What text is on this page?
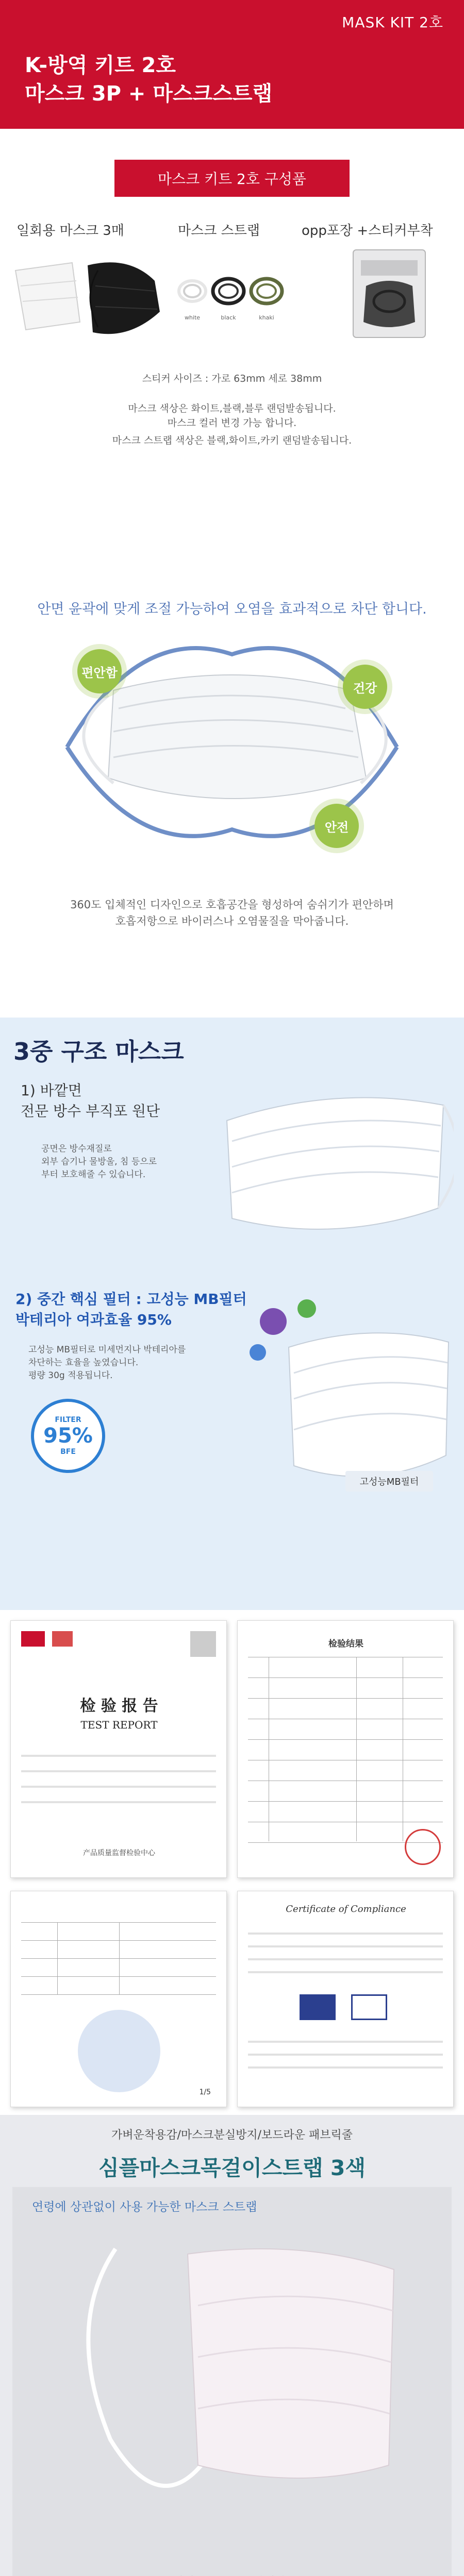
MASK KIT 2호
K-방역 키트 2호
마스크 3P + 마스크스트랩
마스크 키트 2호 구성품
일회용 마스크 3매	마스크 스트랩	opp포장 +스티커부착
white	black	khaki
스티커 사이즈 : 가로 63mm 세로 38mm
마스크 색상은 화이트,블랙,블루 랜덤발송됩니다.
마스크 컬러 변경 가능 합니다.
마스크 스트랩 색상은 블랙,화이트,카키 랜덤발송됩니다.
안면 윤곽에 맞게 조절 가능하여 오염을 효과적으로 차단 합니다.
편안함
건강
안전
360도 입체적인 디자인으로 호흡공간을 형성하여 숨쉬기가 편안하며
호흡저항으로 바이러스나 오염물질을 막아줍니다.
3중 구조 마스크
1) 바깥면
전문 방수 부직포 원단
공면은 방수재질로
외부 습기나 물방울, 침 등으로
부터 보호해줄 수 있습니다.
2) 중간 핵심 필터 : 고성능 MB필터
박테리아 여과효율 95%
고성능 MB필터로 미세먼지나 박테리아를
차단하는 효율을 높였습니다.
평량 30g 적용됩니다.
FILTER
95%
BFE
고성능MB필터
检 验 报 告
TEST REPORT
产品质量监督检验中心
检验结果
1/5
Certificate of Compliance
가벼운착용감/마스크분실방지/보드라운 패브릭줄
심플마스크목걸이스트랩 3색
연령에 상관없이 사용 가능한 마스크 스트랩
